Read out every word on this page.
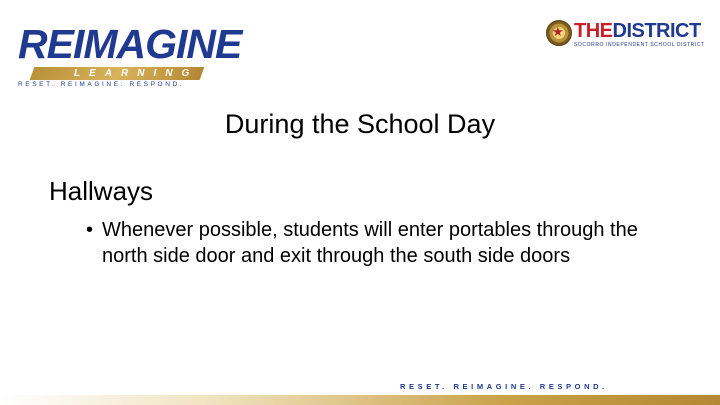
REIMAGINE
LEARNING
RESET. REIMAGINE. RESPOND.
★ THEDISTRICT
SOCORRO INDEPENDENT SCHOOL DISTRICT
During the School Day
Hallways
• Whenever possible, students will enter portables through the north side door and exit through the south side doors
RESET. REIMAGINE. RESPOND.
